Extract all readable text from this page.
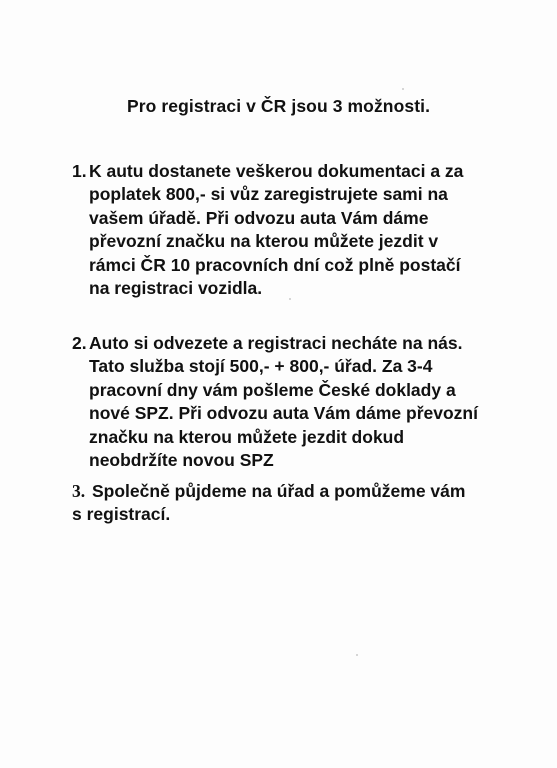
Pro registraci v ČR jsou 3 možnosti.
1. K autu dostanete veškerou dokumentaci a za
poplatek 800,- si vůz zaregistrujete sami na
vašem úřadě. Při odvozu auta Vám dáme
převozní značku na kterou můžete jezdit v
rámci ČR 10 pracovních dní což plně postačí
na registraci vozidla.
2. Auto si odvezete a registraci necháte na nás.
Tato služba stojí 500,- + 800,- úřad. Za 3-4
pracovní dny vám pošleme České doklady a
nové SPZ. Při odvozu auta Vám dáme převozní
značku na kterou můžete jezdit dokud
neobdržíte novou SPZ
3. Společně půjdeme na úřad a pomůžeme vám
s registrací.
